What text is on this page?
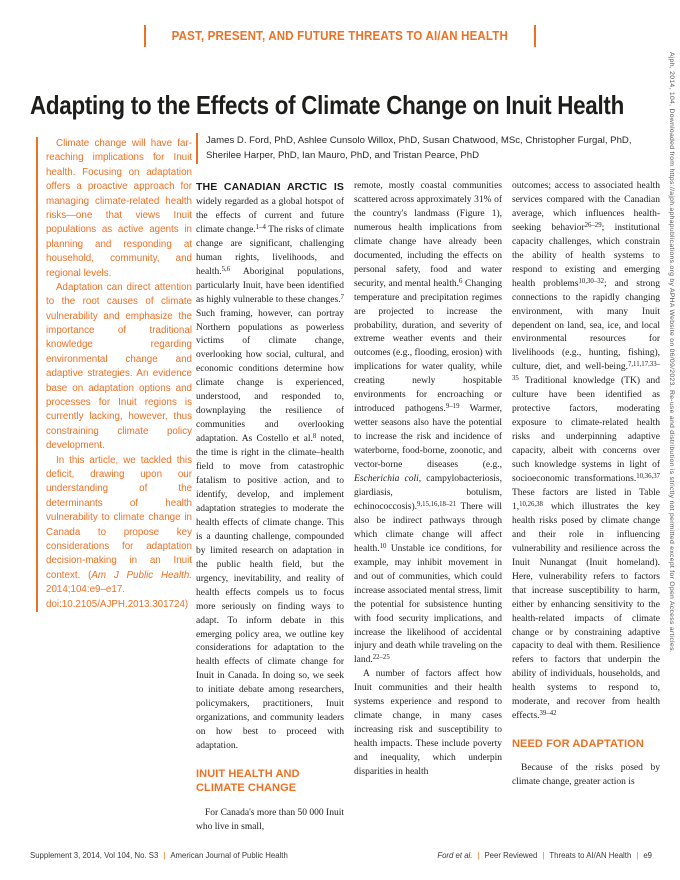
PAST, PRESENT, AND FUTURE THREATS TO AI/AN HEALTH
Adapting to the Effects of Climate Change on Inuit Health

Climate change will have far-reaching implications for Inuit health. Focusing on adaptation offers a proactive approach for managing climate-related health risks—one that views Inuit populations as active agents in planning and responding at household, community, and regional levels.

Adaptation can direct attention to the root causes of climate vulnerability and emphasize the importance of traditional knowledge regarding environmental change and adaptive strategies. An evidence base on adaptation options and processes for Inuit regions is currently lacking, however, thus constraining climate policy development.

In this article, we tackled this deficit, drawing upon our understanding of the determinants of health vulnerability to climate change in Canada to propose key considerations for adaptation decision-making in an Inuit context. (Am J Public Health. 2014;104:e9–e17. doi:10.2105/AJPH.2013.301724)

James D. Ford, PhD, Ashlee Cunsolo Willox, PhD, Susan Chatwood, MSc, Christopher Furgal, PhD,
Sherilee Harper, PhD, Ian Mauro, PhD, and Tristan Pearce, PhD

THE CANADIAN ARCTIC IS widely regarded as a global hotspot of the effects of current and future climate change.$^{1-4}$ The risks of climate change are significant, challenging human rights, livelihoods, and health.$^{5,6}$ Aboriginal populations, particularly Inuit, have been identified as highly vulnerable to these changes.$^7$ Such framing, however, can portray Northern populations as powerless victims of climate change, overlooking how social, cultural, and economic conditions determine how climate change is experienced, understood, and responded to, downplaying the resilience of communities and overlooking adaptation. As Costello et al.$^8$ noted, the time is right in the climate–health field to move from catastrophic fatalism to positive action, and to identify, develop, and implement adaptation strategies to moderate the health effects of climate change. This is a daunting challenge, compounded by limited research on adaptation in the public health field, but the urgency, inevitability, and reality of health effects compels us to focus more seriously on finding ways to adapt. To inform debate in this emerging policy area, we outline key considerations for adaptation to the health effects of climate change for Inuit in Canada. In doing so, we seek to initiate debate among researchers, policymakers, practitioners, Inuit organizations, and community leaders on how best to proceed with adaptation.

INUIT HEALTH AND CLIMATE CHANGE

For Canada's more than 50 000 Inuit who live in small,

remote, mostly coastal communities scattered across approximately 31% of the country's landmass (Figure 1), numerous health implications from climate change have already been documented, including the effects on personal safety, food and water security, and mental health.$^6$ Changing temperature and precipitation regimes are projected to increase the probability, duration, and severity of extreme weather events and their outcomes (e.g., flooding, erosion) with implications for water quality, while creating newly hospitable environments for encroaching or introduced pathogens.$^{9-19}$ Warmer, wetter seasons also have the potential to increase the risk and incidence of waterborne, food-borne, zoonotic, and vector-borne diseases (e.g., Escherichia coli, campylobacteriosis, giardiasis, botulism, echinococcosis).$^{9,15,16,18-21}$ There will also be indirect pathways through which climate change will affect health.$^{10}$ Unstable ice conditions, for example, may inhibit movement in and out of communities, which could increase associated mental stress, limit the potential for subsistence hunting with food security implications, and increase the likelihood of accidental injury and death while traveling on the land.$^{22-25}$

A number of factors affect how Inuit communities and their health systems experience and respond to climate change, in many cases increasing risk and susceptibility to health impacts. These include poverty and inequality, which underpin disparities in health

outcomes; access to associated health services compared with the Canadian average, which influences health-seeking behavior$^{26-29}$; institutional capacity challenges, which constrain the ability of health systems to respond to existing and emerging health problems$^{10,30-32}$; and strong connections to the rapidly changing environment, with many Inuit dependent on land, sea, ice, and local environmental resources for livelihoods (e.g., hunting, fishing), culture, diet, and well-being.$^{7,11,17,33-35}$ Traditional knowledge (TK) and culture have been identified as protective factors, moderating exposure to climate-related health risks and underpinning adaptive capacity, albeit with concerns over such knowledge systems in light of socioeconomic transformations.$^{10,36,37}$ These factors are listed in Table 1,$^{10,26,38}$ which illustrates the key health risks posed by climate change and their role in influencing vulnerability and resilience across the Inuit Nunangat (Inuit homeland). Here, vulnerability refers to factors that increase susceptibility to harm, either by enhancing sensitivity to the health-related impacts of climate change or by constraining adaptive capacity to deal with them. Resilience refers to factors that underpin the ability of individuals, households, and health systems to respond to, moderate, and recover from health effects.$^{39-42}$

NEED FOR ADAPTATION

Because of the risks posed by climate change, greater action is

Ajph, 2014, 104, Downloaded from https://ajph.aphapublications.org by APHA Website on 06/09/2023. Re-use and distribution is strictly not permitted except for Open Access articles.
Supplement 3, 2014, Vol 104, No. S3 | American Journal of Public Health	Ford et al. | Peer Reviewed | Threats to AI/AN Health | e9
